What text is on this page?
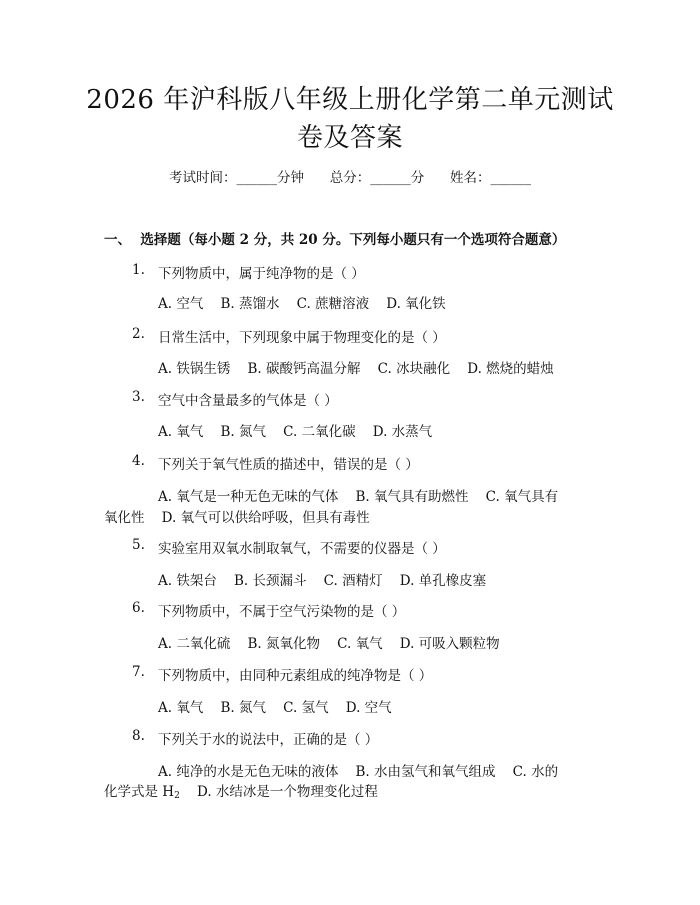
2026 年沪科版八年级上册化学第二单元测试
卷及答案
考试时间：______分钟      总分：______分      姓名：______
一、  选择题（每小题 2 分，共 20 分。下列每小题只有一个选项符合题意）
1. 下列物质中，属于纯净物的是（ ）
A. 空气    B. 蒸馏水    C. 蔗糖溶液    D. 氧化铁
2. 日常生活中，下列现象中属于物理变化的是（ ）
A. 铁锅生锈    B. 碳酸钙高温分解    C. 冰块融化    D. 燃烧的蜡烛
3. 空气中含量最多的气体是（ ）
A. 氧气    B. 氮气    C. 二氧化碳    D. 水蒸气
4. 下列关于氧气性质的描述中，错误的是（ ）
A. 氧气是一种无色无味的气体    B. 氧气具有助燃性    C. 氧气具有
氧化性    D. 氧气可以供给呼吸，但具有毒性
5. 实验室用双氧水制取氧气，不需要的仪器是（ ）
A. 铁架台    B. 长颈漏斗    C. 酒精灯    D. 单孔橡皮塞
6. 下列物质中，不属于空气污染物的是（ ）
A. 二氧化硫    B. 氮氧化物    C. 氧气    D. 可吸入颗粒物
7. 下列物质中，由同种元素组成的纯净物是（ ）
A. 氧气    B. 氮气    C. 氢气    D. 空气
8. 下列关于水的说法中，正确的是（ ）
A. 纯净的水是无色无味的液体    B. 水由氢气和氧气组成    C. 水的
化学式是 $H_2$    D. 水结冰是一个物理变化过程
